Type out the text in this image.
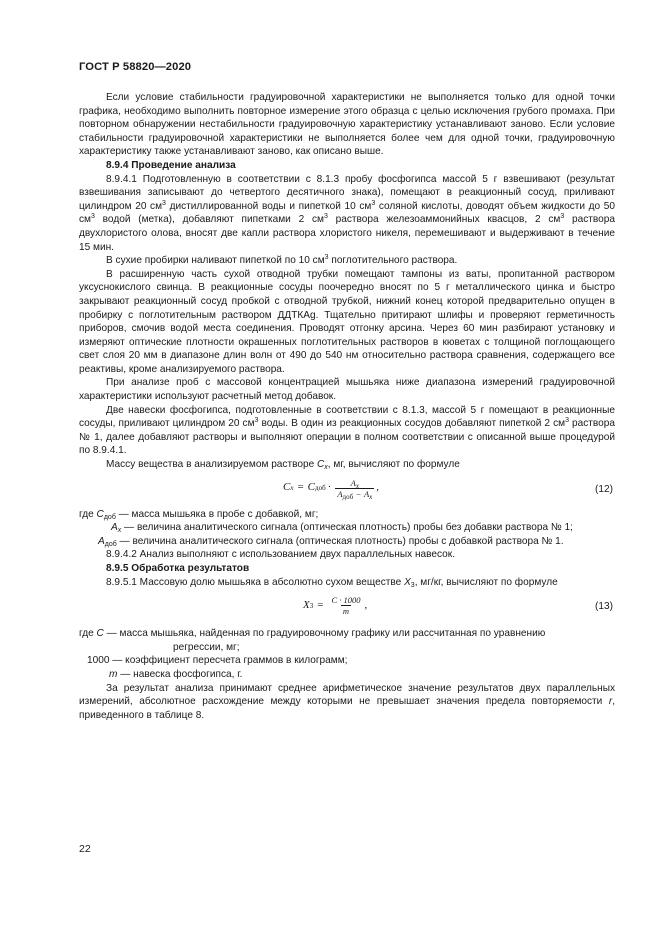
ГОСТ Р 58820—2020

Если условие стабильности градуировочной характеристики не выполняется только для одной точки графика, необходимо выполнить повторное измерение этого образца с целью исключения грубого промаха. При повторном обнаружении нестабильности градуировочную характеристику устанавливают заново. Если условие стабильности градуировочной характеристики не выполняется более чем для одной точки, градуировочную характеристику также устанавливают заново, как описано выше.

8.9.4 Проведение анализа

8.9.4.1 Подготовленную в соответствии с 8.1.3 пробу фосфогипса массой 5 г взвешивают (результат взвешивания записывают до четвертого десятичного знака), помещают в реакционный сосуд, приливают цилиндром 20 $см^3$ дистиллированной воды и пипеткой 10 $см^3$ соляной кислоты, доводят объем жидкости до 50 $см^3$ водой (метка), добавляют пипетками 2 $см^3$ раствора железоаммонийных квасцов, 2 $см^3$ раствора двухлористого олова, вносят две капли раствора хлористого никеля, перемешивают и выдерживают в течение 15 мин.

В сухие пробирки наливают пипеткой по 10 $см^3$ поглотительного раствора.

В расширенную часть сухой отводной трубки помещают тампоны из ваты, пропитанной раствором уксуснокислого свинца. В реакционные сосуды поочередно вносят по 5 г металлического цинка и быстро закрывают реакционный сосуд пробкой с отводной трубкой, нижний конец которой предварительно опущен в пробирку с поглотительным раствором ДДТКAg. Тщательно притирают шлифы и проверяют герметичность приборов, смочив водой места соединения. Проводят отгонку арсина. Через 60 мин разбирают установку и измеряют оптические плотности окрашенных поглотительных растворов в кюветах с толщиной поглощающего свет слоя 20 мм в диапазоне длин волн от 490 до 540 нм относительно раствора сравнения, содержащего все реактивы, кроме анализируемого раствора.

При анализе проб с массовой концентрацией мышьяка ниже диапазона измерений градуировочной характеристики используют расчетный метод добавок.

Две навески фосфогипса, подготовленные в соответствии с 8.1.3, массой 5 г помещают в реакционные сосуды, приливают цилиндром 20 $см^3$ воды. В один из реакционных сосудов добавляют пипеткой 2 $см^3$ раствора № 1, далее добавляют растворы и выполняют операции в полном соответствии с описанной выше процедурой по 8.9.4.1.

Массу вещества в анализируемом растворе $C_x$, мг, вычисляют по формуле

C x = C доб · $\frac{A_x}{A_{доб} - A_x}$ ,	(12)
где $C_{доб}$ — масса мышьяка в пробе с добавкой, мг;
$A_x$ — величина аналитического сигнала (оптическая плотность) пробы без добавки раствора № 1;
$A_{доб}$ — величина аналитического сигнала (оптическая плотность) пробы с добавкой раствора № 1.

8.9.4.2 Анализ выполняют с использованием двух параллельных навесок.

8.9.5 Обработка результатов

8.9.5.1 Массовую долю мышьяка в абсолютно сухом веществе $X_3$, мг/кг, вычисляют по формуле

X $3 = \frac{C \cdot 1000}{m}$ ,	(13)
где C — масса мышьяка, найденная по градуировочному графику или рассчитанная по уравнению

регрессии, мг;

1000 — коэффициент пересчета граммов в килограмм;
m — навеска фосфогипса, г.

За результат анализа принимают среднее арифметическое значение результатов двух параллельных измерений, абсолютное расхождение между которыми не превышает значения предела повторяемости r, приведенного в таблице 8.

22
